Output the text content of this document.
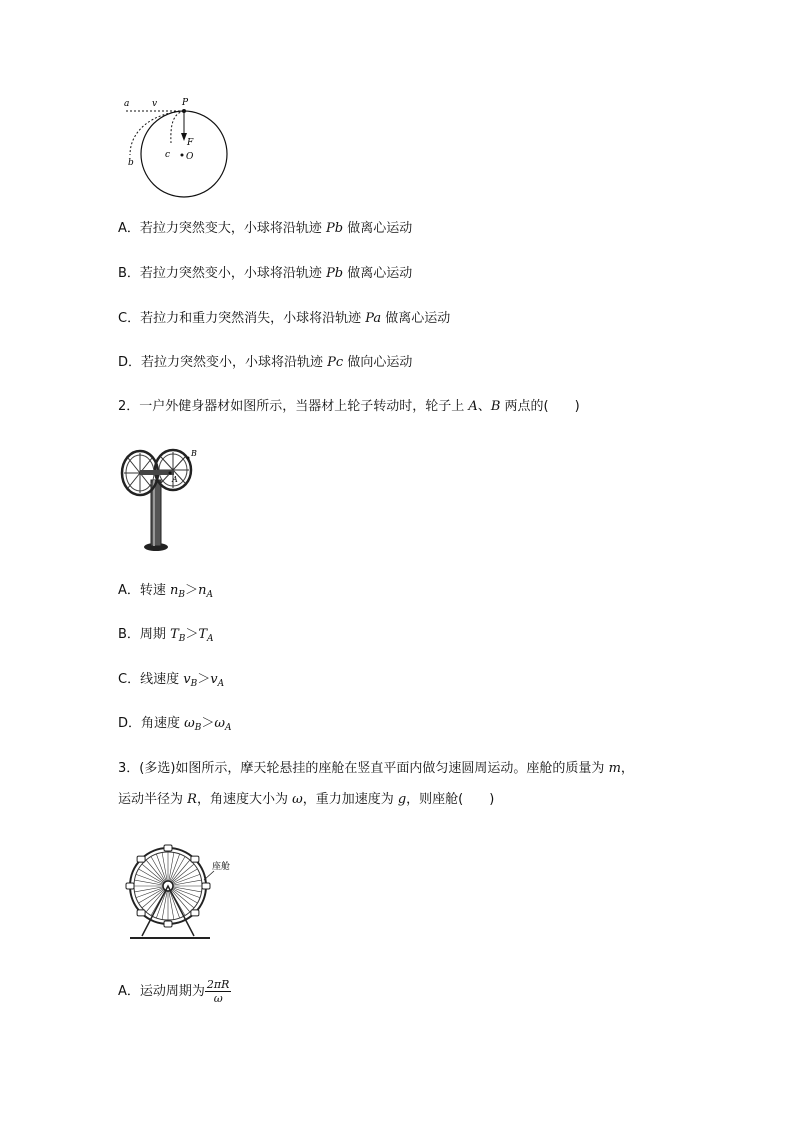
a	v	P
F
O
c
b
A．若拉力突然变大，小球将沿轨迹 Pb 做离心运动
B．若拉力突然变小，小球将沿轨迹 Pb 做离心运动
C．若拉力和重力突然消失，小球将沿轨迹 Pa 做离心运动
D．若拉力突然变小，小球将沿轨迹 Pc 做向心运动
2．一户外健身器材如图所示，当器材上轮子转动时，轮子上 A、B 两点的(　　)
A
B
A．转速 $n_B>n_A$
B．周期 $T_B>T_A$
C．线速度 $v_B>v_A$
D．角速度 $\omega_B>\omega_A$
3．(多选)如图所示，摩天轮悬挂的座舱在竖直平面内做匀速圆周运动。座舱的质量为 m，
运动半径为 R，角速度大小为 ω，重力加速度为 g，则座舱(　　)
座舱
A．运动周期为 $\frac{2\pi R}{\omega}$
